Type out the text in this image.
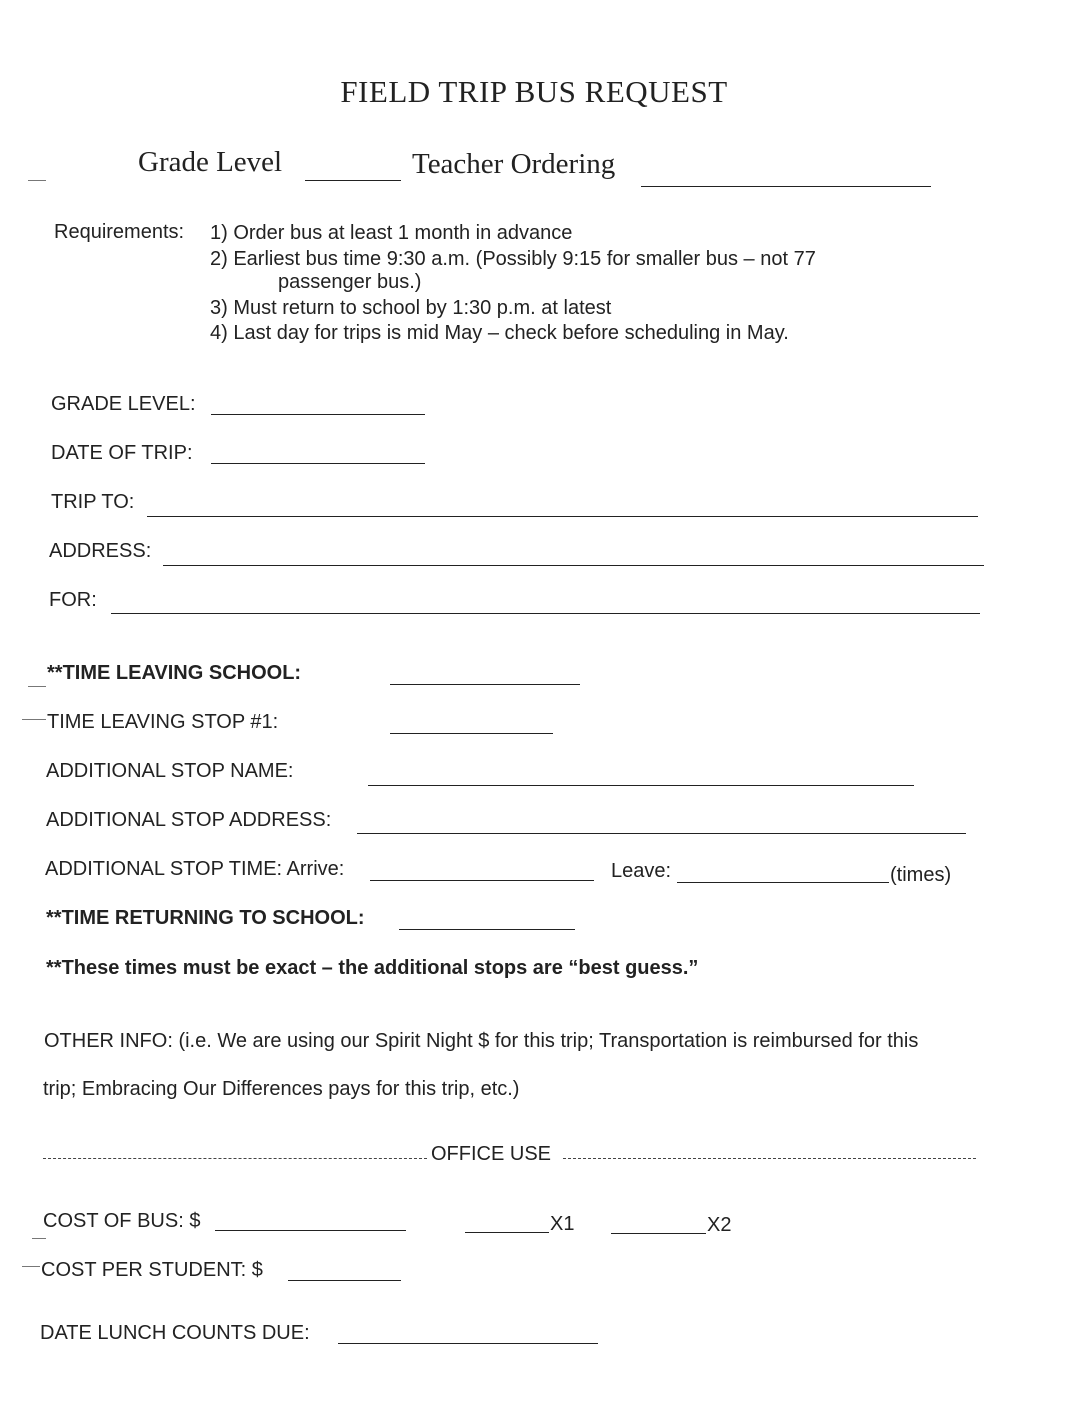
FIELD TRIP BUS REQUEST
Grade Level	Teacher Ordering
Requirements: 1) Order bus at least 1 month in advance
2) Earliest bus time 9:30 a.m. (Possibly 9:15 for smaller bus – not 77
passenger bus.)
3) Must return to school by 1:30 p.m. at latest
4) Last day for trips is mid May – check before scheduling in May.
GRADE LEVEL:
DATE OF TRIP:
TRIP TO:
ADDRESS:
FOR:
**TIME LEAVING SCHOOL:
TIME LEAVING STOP #1:
ADDITIONAL STOP NAME:
ADDITIONAL STOP ADDRESS:
ADDITIONAL STOP TIME: Arrive:	Leave:	(times)
**TIME RETURNING TO SCHOOL:
**These times must be exact – the additional stops are “best guess.”
OTHER INFO: (i.e. We are using our Spirit Night $ for this trip; Transportation is reimbursed for this
trip; Embracing Our Differences pays for this trip, etc.)
OFFICE USE
COST OF BUS: $	X1	X2
COST PER STUDENT: $
DATE LUNCH COUNTS DUE:
